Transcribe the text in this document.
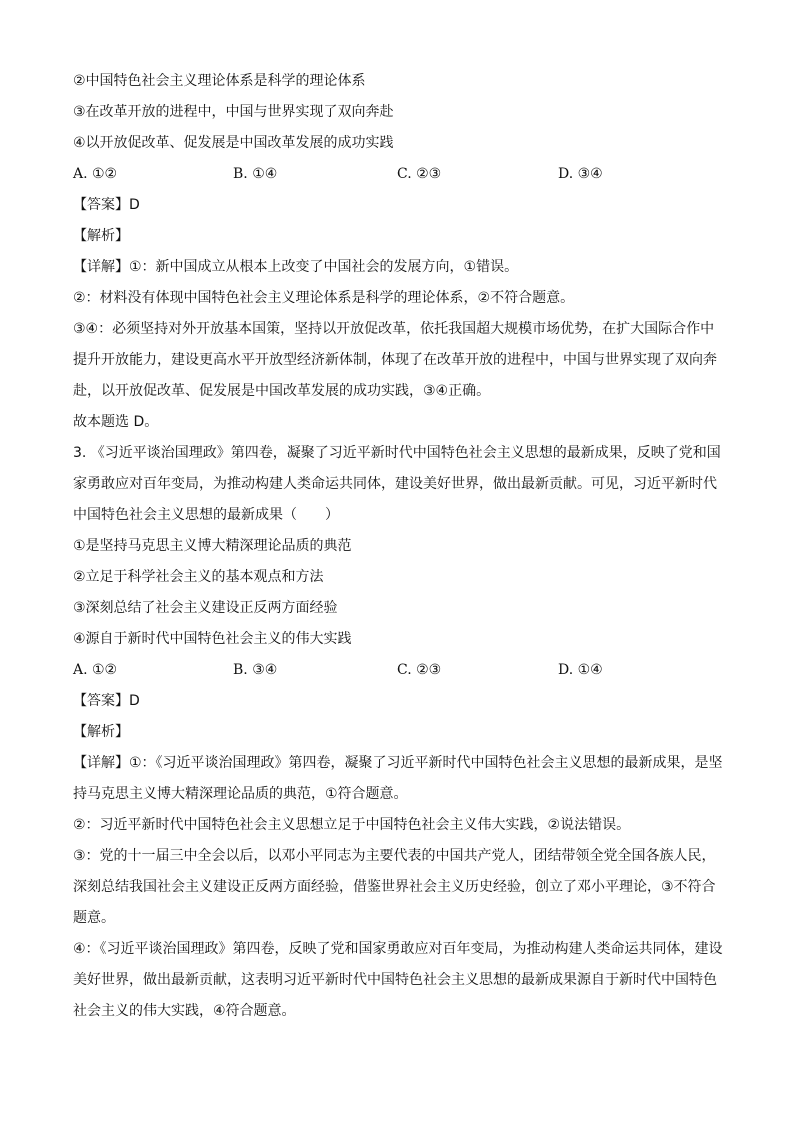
②中国特色社会主义理论体系是科学的理论体系
③在改革开放的进程中，中国与世界实现了双向奔赴
④以开放促改革、促发展是中国改革发展的成功实践
A. ①②	B. ①④	C. ②③	D. ③④
【答案】D
【解析】
【详解】①：新中国成立从根本上改变了中国社会的发展方向，①错误。
②：材料没有体现中国特色社会主义理论体系是科学的理论体系，②不符合题意。
③④：必须坚持对外开放基本国策，坚持以开放促改革，依托我国超大规模市场优势，在扩大国际合作中提升开放能力，建设更高水平开放型经济新体制，体现了在改革开放的进程中，中国与世界实现了双向奔赴，以开放促改革、促发展是中国改革发展的成功实践，③④正确。
故本题选 D。
3. 《习近平谈治国理政》第四卷，凝聚了习近平新时代中国特色社会主义思想的最新成果，反映了党和国家勇敢应对百年变局，为推动构建人类命运共同体，建设美好世界，做出最新贡献。可见，习近平新时代中国特色社会主义思想的最新成果（　　）
①是坚持马克思主义博大精深理论品质的典范
②立足于科学社会主义的基本观点和方法
③深刻总结了社会主义建设正反两方面经验
④源自于新时代中国特色社会主义的伟大实践
A. ①②	B. ③④	C. ②③	D. ①④
【答案】D
【解析】
【详解】①：《习近平谈治国理政》第四卷，凝聚了习近平新时代中国特色社会主义思想的最新成果，是坚持马克思主义博大精深理论品质的典范，①符合题意。
②：习近平新时代中国特色社会主义思想立足于中国特色社会主义伟大实践，②说法错误。
③：党的十一届三中全会以后，以邓小平同志为主要代表的中国共产党人，团结带领全党全国各族人民，深刻总结我国社会主义建设正反两方面经验，借鉴世界社会主义历史经验，创立了邓小平理论，③不符合题意。
④：《习近平谈治国理政》第四卷，反映了党和国家勇敢应对百年变局，为推动构建人类命运共同体，建设美好世界，做出最新贡献，这表明习近平新时代中国特色社会主义思想的最新成果源自于新时代中国特色社会主义的伟大实践，④符合题意。
